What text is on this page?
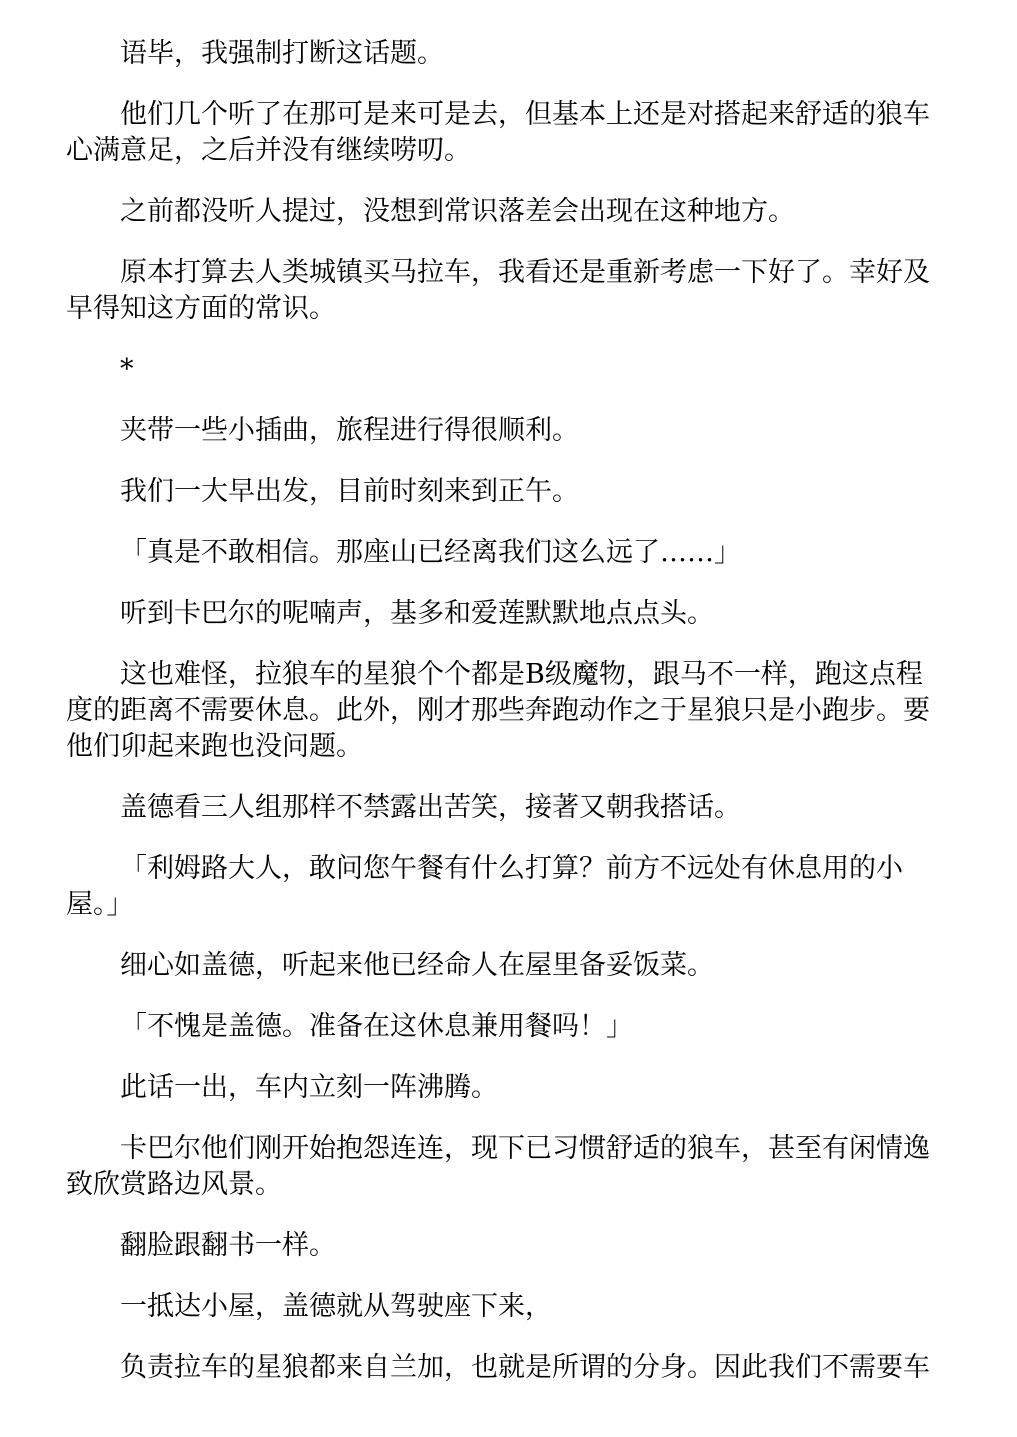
语毕，我强制打断这话题。

他们几个听了在那可是来可是去，但基本上还是对搭起来舒适的狼车心满意足，之后并没有继续唠叨。

之前都没听人提过，没想到常识落差会出现在这种地方。

原本打算去人类城镇买马拉车，我看还是重新考虑一下好了。幸好及早得知这方面的常识。

*

夹带一些小插曲，旅程进行得很顺利。

我们一大早出发，目前时刻来到正午。

「真是不敢相信。那座山已经离我们这么远了……」

听到卡巴尔的呢喃声，基多和爱莲默默地点点头。

这也难怪，拉狼车的星狼个个都是B级魔物，跟马不一样，跑这点程度的距离不需要休息。此外，刚才那些奔跑动作之于星狼只是小跑步。要他们卯起来跑也没问题。

盖德看三人组那样不禁露出苦笑，接著又朝我搭话。

「利姆路大人，敢问您午餐有什么打算？前方不远处有休息用的小屋。」

细心如盖德，听起来他已经命人在屋里备妥饭菜。

「不愧是盖德。准备在这休息兼用餐吗！」

此话一出，车内立刻一阵沸腾。

卡巴尔他们刚开始抱怨连连，现下已习惯舒适的狼车，甚至有闲情逸致欣赏路边风景。

翻脸跟翻书一样。

一抵达小屋，盖德就从驾驶座下来，

负责拉车的星狼都来自兰加，也就是所谓的分身。因此我们不需要车
